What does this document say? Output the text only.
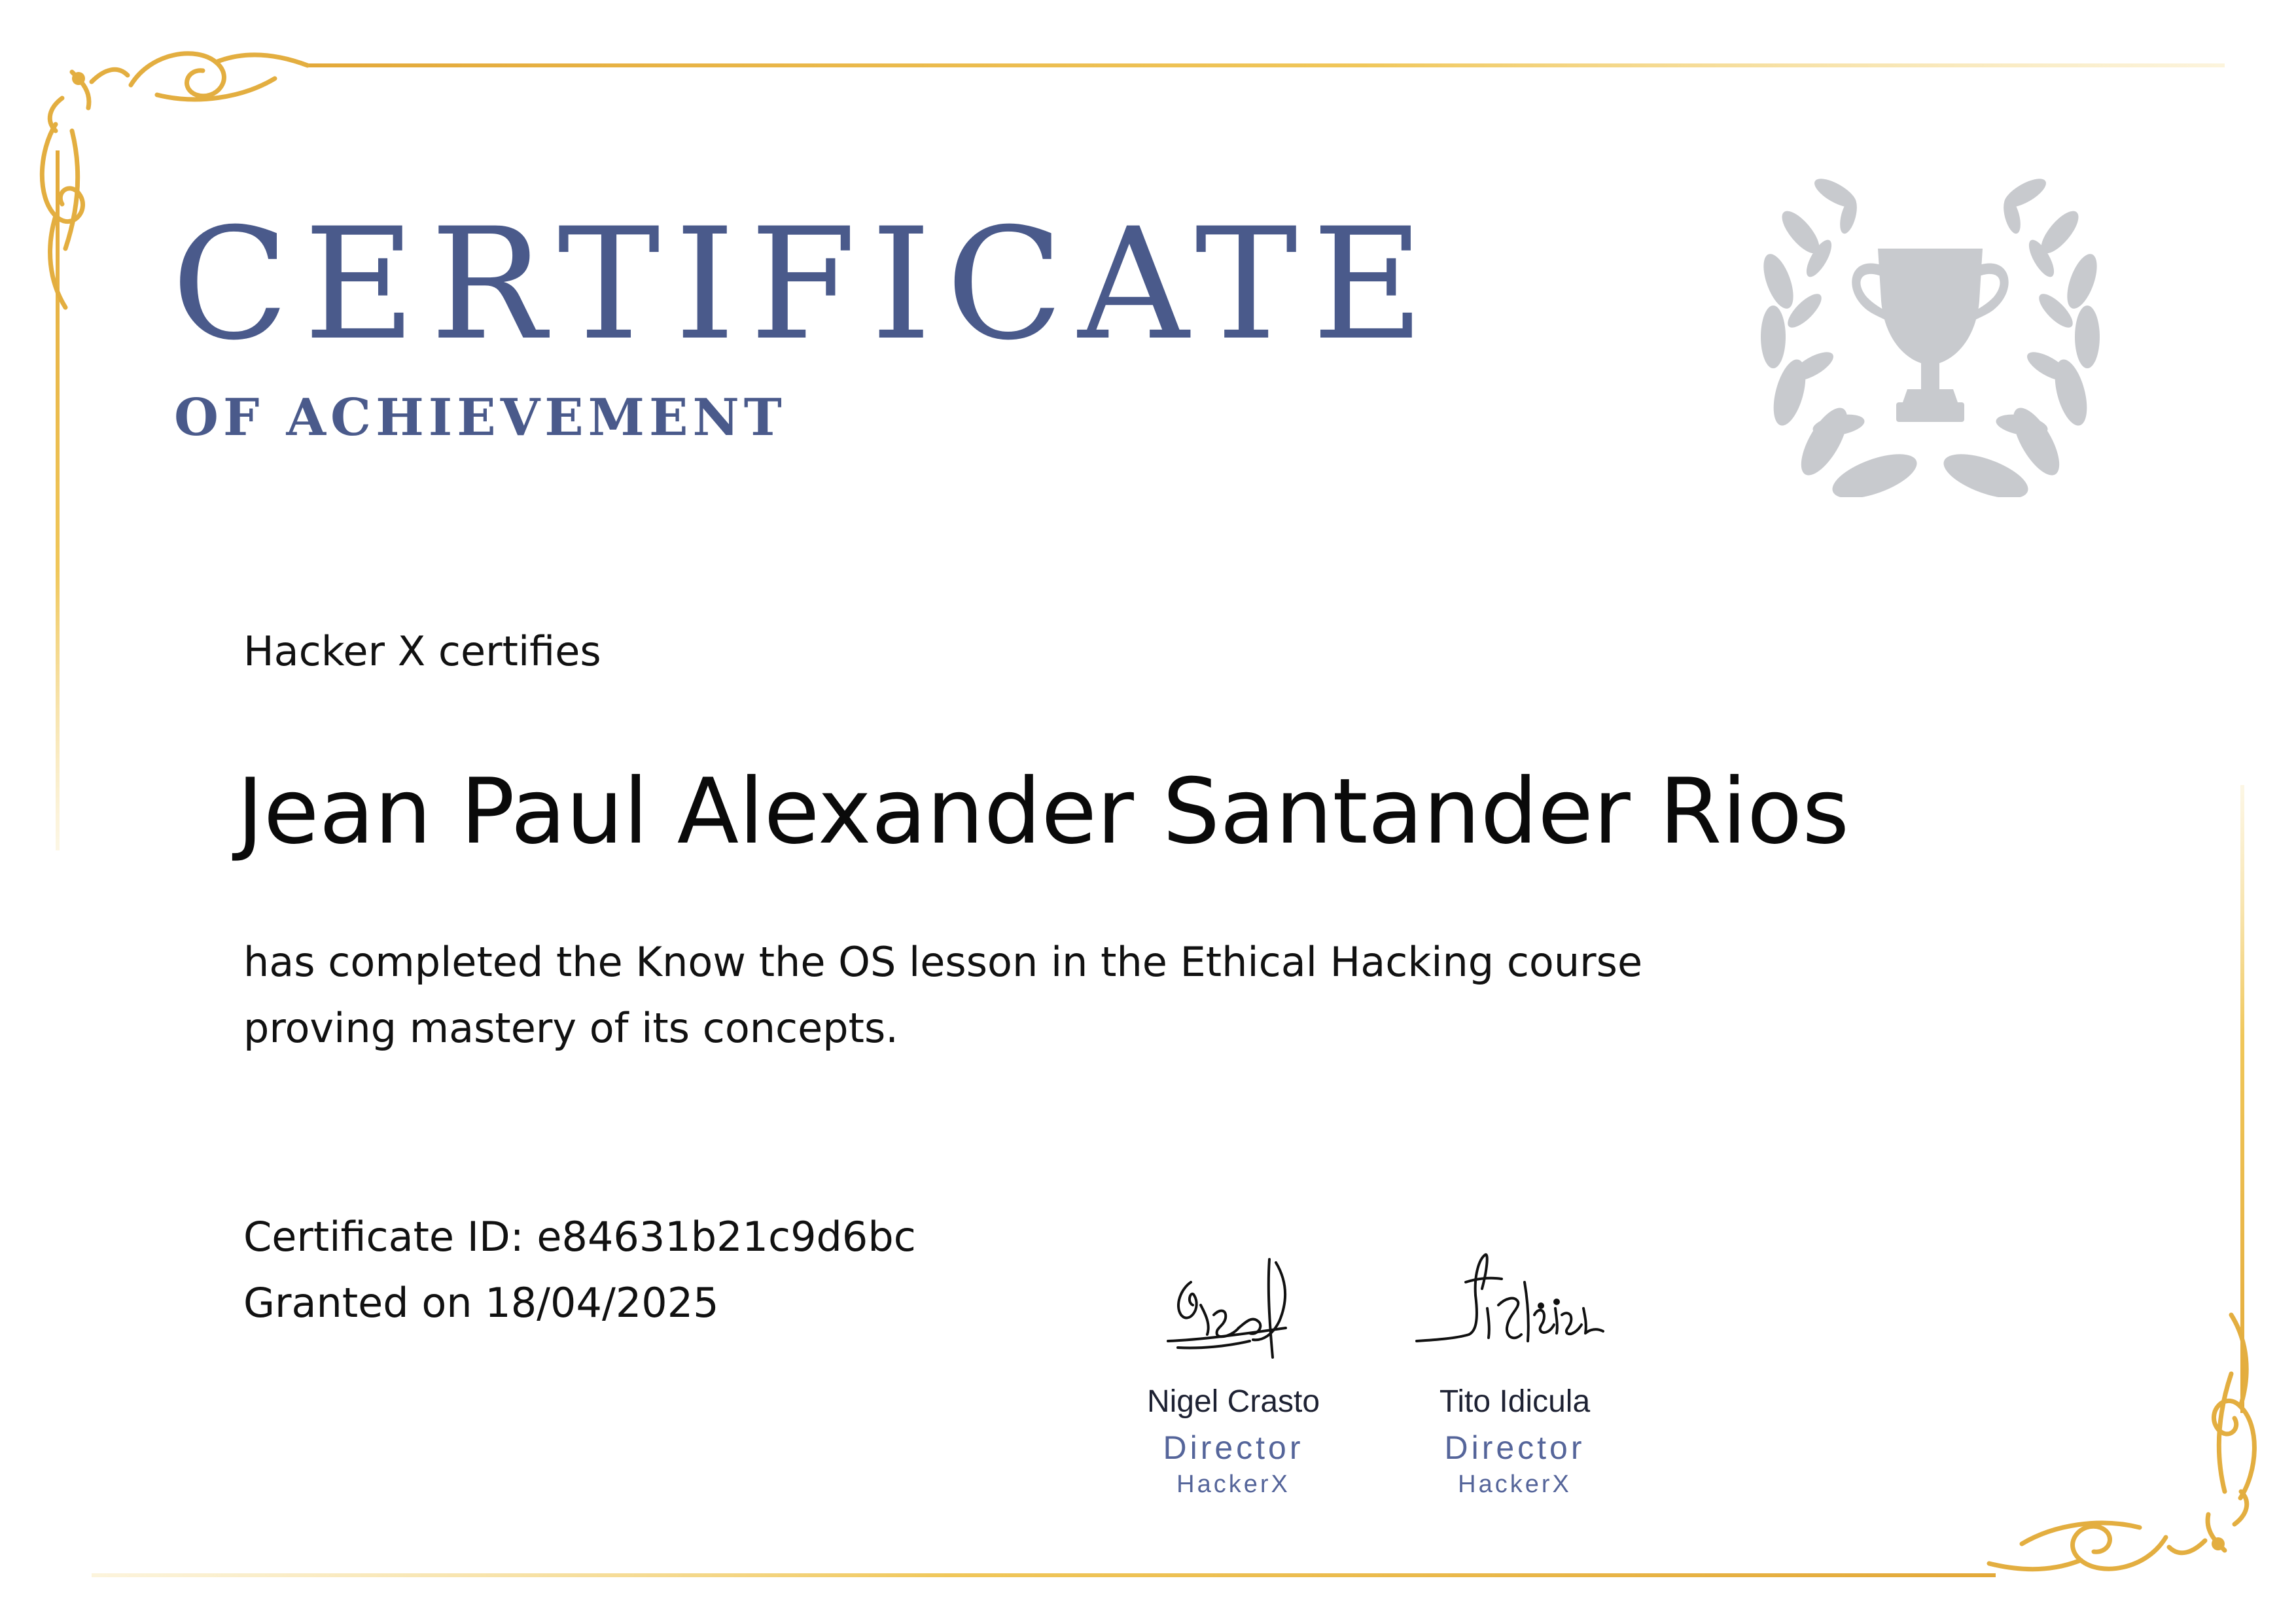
CERTIFICATE
OF ACHIEVEMENT
Hacker X certifies
Jean Paul Alexander Santander Rios
has completed the Know the OS lesson in the Ethical Hacking course
proving mastery of its concepts.
Certificate ID: e84631b21c9d6bc
Granted on 18/04/2025
Nigel Crasto
Director
HackerX
Tito Idicula
Director
HackerX
